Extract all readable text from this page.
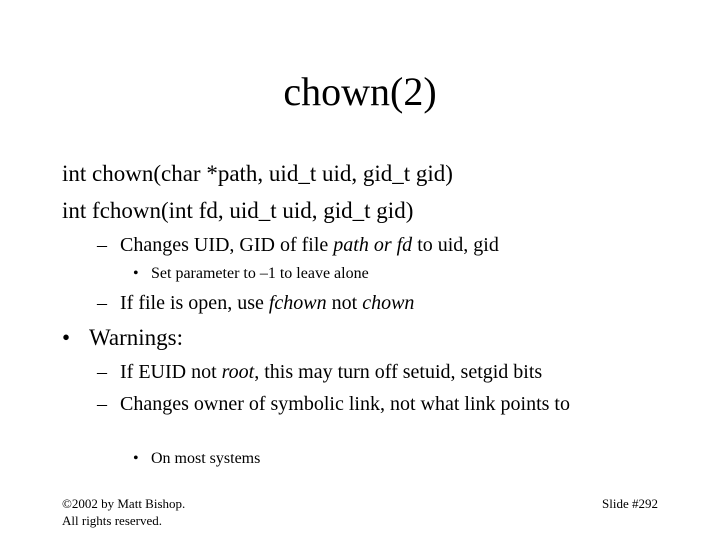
chown(2)
int chown(char *path, uid_t uid, gid_t gid)
int fchown(int fd, uid_t uid, gid_t gid)
– Changes UID, GID of file path or fd to uid, gid
• Set parameter to –1 to leave alone
– If file is open, use fchown not chown
• Warnings:
– If EUID not root, this may turn off setuid, setgid bits
– Changes owner of symbolic link, not what link points to
• On most systems
©2002 by Matt Bishop.
All rights reserved.
Slide #292
